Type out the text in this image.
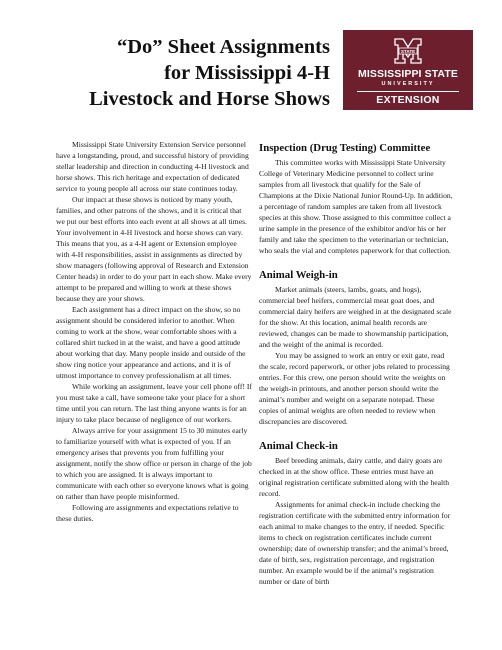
“Do” Sheet Assignments
for Mississippi 4-H
Livestock and Horse Shows
STATE
MISSISSIPPI STATE
UNIVERSITY
EXTENSION

Mississippi State University Extension Service personnel have a longstanding, proud, and successful history of providing stellar leadership and direction in conducting 4-H livestock and horse shows. This rich heritage and expectation of dedicated service to young people all across our state continues today.

Our impact at these shows is noticed by many youth, families, and other patrons of the shows, and it is critical that we put our best efforts into each event at all shows at all times. Your involvement in 4-H livestock and horse shows can vary. This means that you, as a 4-H agent or Extension employee with 4-H responsibilities, assist in assignments as directed by show managers (following approval of Research and Extension Center heads) in order to do your part in each show. Make every attempt to be prepared and willing to work at these shows because they are your shows.

Each assignment has a direct impact on the show, so no assignment should be considered inferior to another. When coming to work at the show, wear comfortable shoes with a collared shirt tucked in at the waist, and have a good attitude about working that day. Many people inside and outside of the show ring notice your appearance and actions, and it is of utmost importance to convey professionalism at all times.

While working an assignment, leave your cell phone off! If you must take a call, have someone take your place for a short time until you can return. The last thing anyone wants is for an injury to take place because of negligence of our workers.

Always arrive for your assignment 15 to 30 minutes early to familiarize yourself with what is expected of you. If an emergency arises that prevents you from fulfilling your assignment, notify the show office or person in charge of the job to which you are assigned. It is always important to communicate with each other so everyone knows what is going on rather than have people misinformed.

Following are assignments and expectations relative to these duties.

Inspection (Drug Testing) Committee

This committee works with Mississippi State University College of Veterinary Medicine personnel to collect urine samples from all livestock that qualify for the Sale of Champions at the Dixie National Junior Round-Up. In addition, a percentage of random samples are taken from all livestock species at this show. Those assigned to this committee collect a urine sample in the presence of the exhibitor and/or his or her family and take the specimen to the veterinarian or technician, who seals the vial and completes paperwork for that collection.

Animal Weigh-in

Market animals (steers, lambs, goats, and hogs), commercial beef heifers, commercial meat goat does, and commercial dairy heifers are weighed in at the designated scale for the show. At this location, animal health records are reviewed, changes can be made to showmanship participation, and the weight of the animal is recorded.

You may be assigned to work an entry or exit gate, read the scale, record paperwork, or other jobs related to processing entries. For this crew, one person should write the weights on the weigh-in printouts, and another person should write the animal’s number and weight on a separate notepad. These copies of animal weights are often needed to review when discrepancies are discovered.

Animal Check-in

Beef breeding animals, dairy cattle, and dairy goats are checked in at the show office. These entries must have an original registration certificate submitted along with the health record.

Assignments for animal check-in include checking the registration certificate with the submitted entry information for each animal to make changes to the entry, if needed. Specific items to check on registration certificates include current ownership; date of ownership transfer; and the animal’s breed, date of birth, sex, registration percentage, and registration number. An example would be if the animal’s registration number or date of birth
